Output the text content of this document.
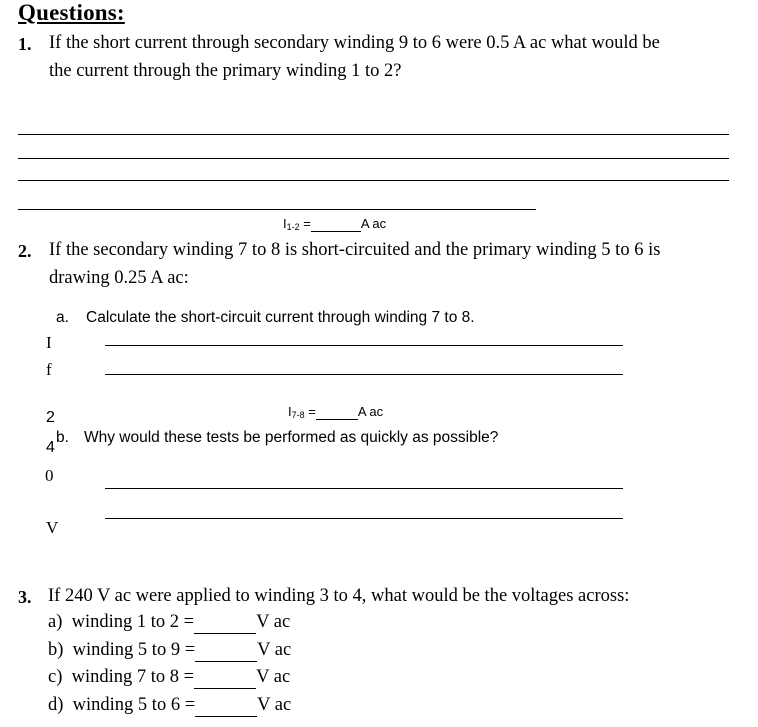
Questions:
1. If the short current through secondary winding 9 to 6 were 0.5 A ac what would be
the current through the primary winding 1 to 2?
I1-2 =	A ac
2. If the secondary winding 7 to 8 is short-circuited and the primary winding 5 to 6 is
drawing 0.25 A ac:
a. Calculate the short-circuit current through winding 7 to 8.
I
f
I7-8 =	A ac
2
4
b. Why would these tests be performed as quickly as possible?
0
V
3. If 240 V ac were applied to winding 3 to 4, what would be the voltages across:
a) winding 1 to 2 =	V ac
b) winding 5 to 9 =	V ac
c) winding 7 to 8 =	V ac
d) winding 5 to 6 =	V ac
